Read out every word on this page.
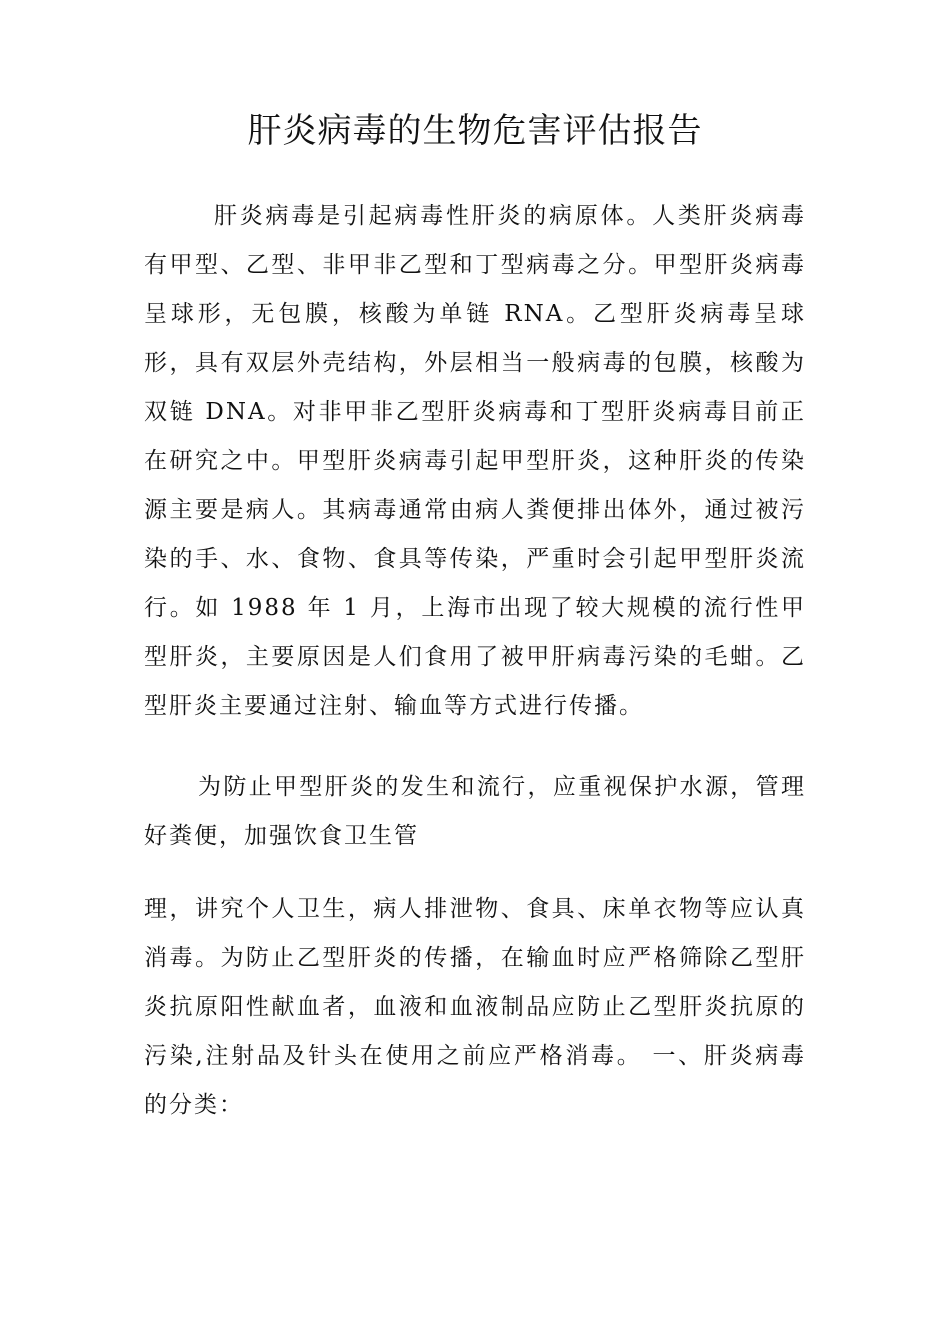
肝炎病毒的生物危害评估报告

肝炎病毒是引起病毒性肝炎的病原体。人类肝炎病毒有甲型、乙型、非甲非乙型和丁型病毒之分。甲型肝炎病毒呈球形，无包膜，核酸为单链 RNA。乙型肝炎病毒呈球形，具有双层外壳结构，外层相当一般病毒的包膜，核酸为双链 DNA。对非甲非乙型肝炎病毒和丁型肝炎病毒目前正在研究之中。甲型肝炎病毒引起甲型肝炎，这种肝炎的传染源主要是病人。其病毒通常由病人粪便排出体外，通过被污染的手、水、食物、食具等传染，严重时会引起甲型肝炎流行。如 1988 年 1 月，上海市出现了较大规模的流行性甲型肝炎，主要原因是人们食用了被甲肝病毒污染的毛蚶。乙型肝炎主要通过注射、输血等方式进行传播。

为防止甲型肝炎的发生和流行，应重视保护水源，管理好粪便，加强饮食卫生管

理，讲究个人卫生，病人排泄物、食具、床单衣物等应认真消毒。为防止乙型肝炎的传播，在输血时应严格筛除乙型肝炎抗原阳性献血者，血液和血液制品应防止乙型肝炎抗原的污染,注射品及针头在使用之前应严格消毒。 一、肝炎病毒的分类：
